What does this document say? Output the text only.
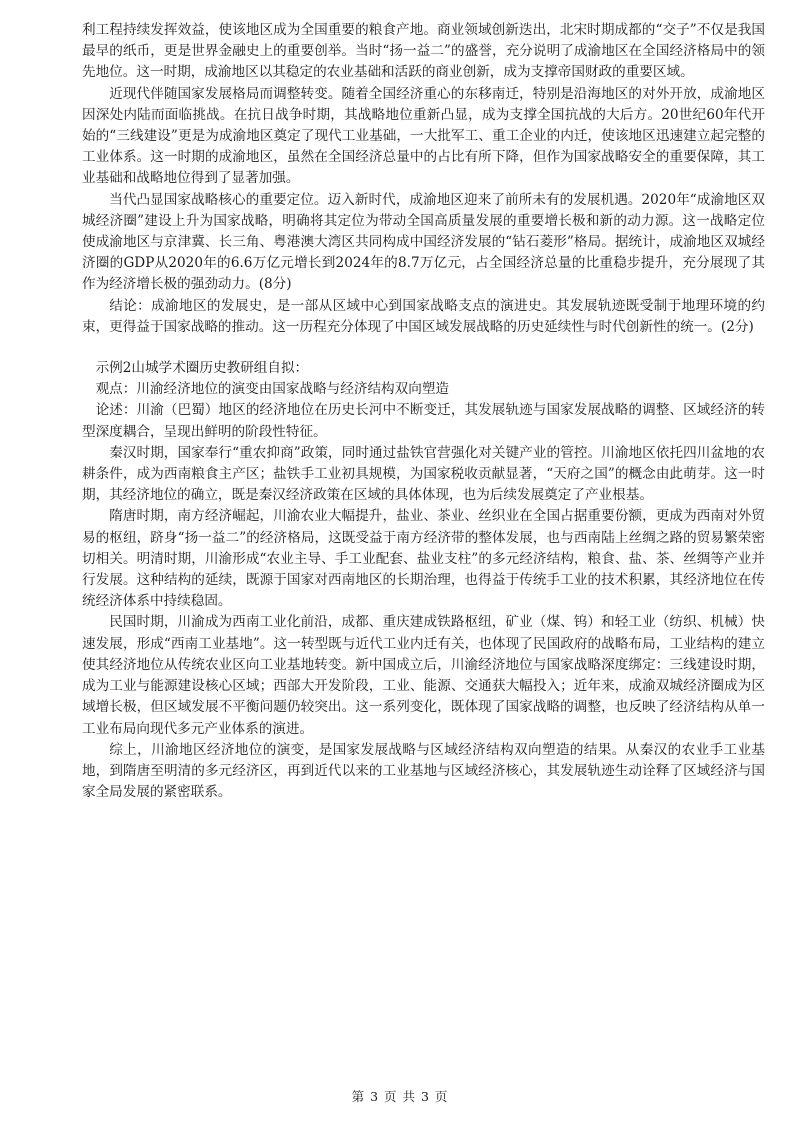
利工程持续发挥效益，使该地区成为全国重要的粮食产地。商业领域创新迭出，北宋时期成都的“交子”不仅是我国最早的纸币，更是世界金融史上的重要创举。当时“扬一益二”的盛誉，充分说明了成渝地区在全国经济格局中的领先地位。这一时期，成渝地区以其稳定的农业基础和活跃的商业创新，成为支撑帝国财政的重要区域。

近现代伴随国家发展格局而调整转变。随着全国经济重心的东移南迁，特别是沿海地区的对外开放，成渝地区因深处内陆而面临挑战。在抗日战争时期，其战略地位重新凸显，成为支撑全国抗战的大后方。20世纪60年代开始的“三线建设”更是为成渝地区奠定了现代工业基础，一大批军工、重工企业的内迁，使该地区迅速建立起完整的工业体系。这一时期的成渝地区，虽然在全国经济总量中的占比有所下降，但作为国家战略安全的重要保障，其工业基础和战略地位得到了显著加强。

当代凸显国家战略核心的重要定位。迈入新时代，成渝地区迎来了前所未有的发展机遇。2020年“成渝地区双城经济圈”建设上升为国家战略，明确将其定位为带动全国高质量发展的重要增长极和新的动力源。这一战略定位使成渝地区与京津冀、长三角、粤港澳大湾区共同构成中国经济发展的“钻石菱形”格局。据统计，成渝地区双城经济圈的GDP从2020年的6.6万亿元增长到2024年的8.7万亿元，占全国经济总量的比重稳步提升，充分展现了其作为经济增长极的强劲动力。(8分)

结论：成渝地区的发展史，是一部从区域中心到国家战略支点的演进史。其发展轨迹既受制于地理环境的约束，更得益于国家战略的推动。这一历程充分体现了中国区域发展战略的历史延续性与时代创新性的统一。(2分)

示例2山城学术圈历史教研组自拟：

观点：川渝经济地位的演变由国家战略与经济结构双向塑造

论述：川渝（巴蜀）地区的经济地位在历史长河中不断变迁，其发展轨迹与国家发展战略的调整、区域经济的转型深度耦合，呈现出鲜明的阶段性特征。

秦汉时期，国家奉行“重农抑商”政策，同时通过盐铁官营强化对关键产业的管控。川渝地区依托四川盆地的农耕条件，成为西南粮食主产区；盐铁手工业初具规模，为国家税收贡献显著，“天府之国”的概念由此萌芽。这一时期，其经济地位的确立，既是秦汉经济政策在区域的具体体现，也为后续发展奠定了产业根基。

隋唐时期，南方经济崛起，川渝农业大幅提升，盐业、茶业、丝织业在全国占据重要份额，更成为西南对外贸易的枢纽，跻身“扬一益二”的经济格局，这既受益于南方经济带的整体发展，也与西南陆上丝绸之路的贸易繁荣密切相关。明清时期，川渝形成“农业主导、手工业配套、盐业支柱”的多元经济结构，粮食、盐、茶、丝绸等产业并行发展。这种结构的延续，既源于国家对西南地区的长期治理，也得益于传统手工业的技术积累，其经济地位在传统经济体系中持续稳固。

民国时期，川渝成为西南工业化前沿，成都、重庆建成铁路枢纽，矿业（煤、钨）和轻工业（纺织、机械）快速发展，形成“西南工业基地”。这一转型既与近代工业内迁有关，也体现了民国政府的战略布局，工业结构的建立使其经济地位从传统农业区向工业基地转变。新中国成立后，川渝经济地位与国家战略深度绑定：三线建设时期，成为工业与能源建设核心区域；西部大开发阶段，工业、能源、交通获大幅投入；近年来，成渝双城经济圈成为区域增长极，但区域发展不平衡问题仍较突出。这一系列变化，既体现了国家战略的调整，也反映了经济结构从单一工业布局向现代多元产业体系的演进。

综上，川渝地区经济地位的演变，是国家发展战略与区域经济结构双向塑造的结果。从秦汉的农业手工业基地，到隋唐至明清的多元经济区，再到近代以来的工业基地与区域经济核心，其发展轨迹生动诠释了区域经济与国家全局发展的紧密联系。

第 3 页 共 3 页
